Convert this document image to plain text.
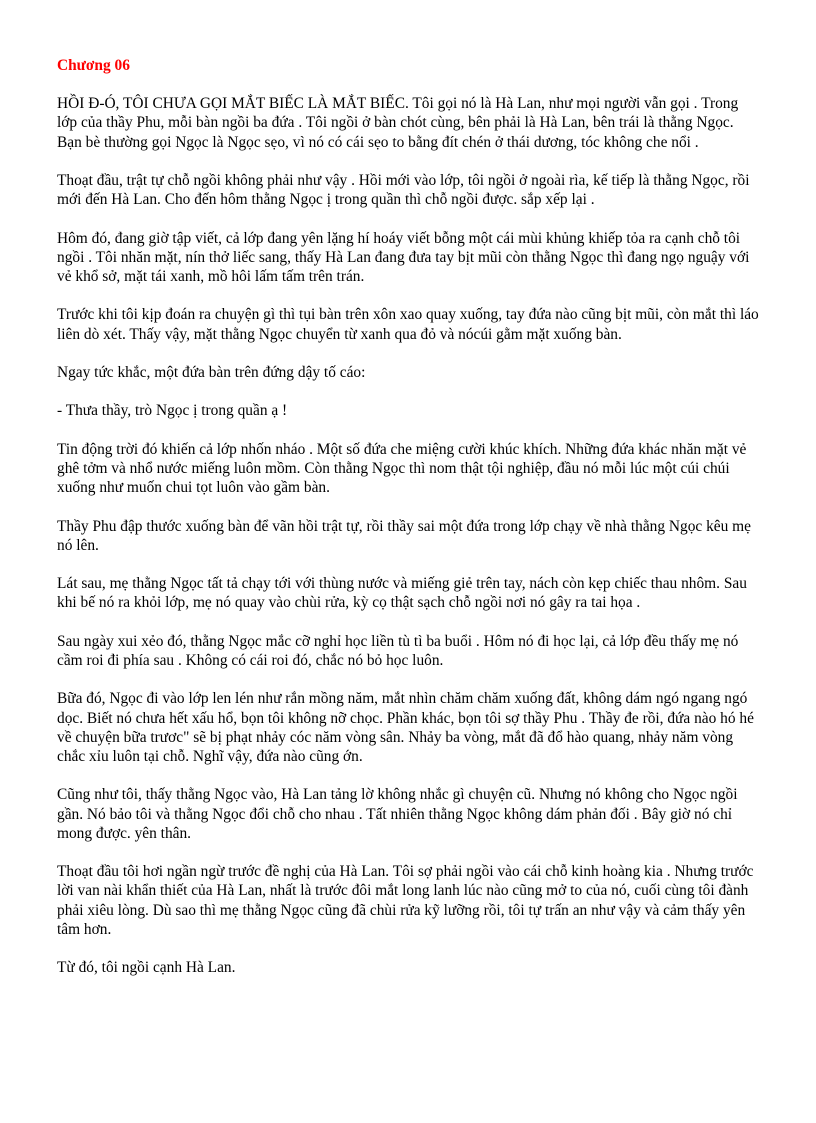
Chương 06

HỒI Đ-Ó, TÔI CHƯA GỌI MẮT BIẾC LÀ MẮT BIẾC. Tôi gọi nó là Hà Lan, như mọi người vẫn gọi . Trong lớp của thầy Phu, mỗi bàn ngồi ba đứa . Tôi ngồi ở bàn chót cùng, bên phải là Hà Lan, bên trái là thằng Ngọc. Bạn bè thường gọi Ngọc là Ngọc sẹo, vì nó có cái sẹo to bằng đít chén ở thái dương, tóc không che nổi .

Thoạt đầu, trật tự chỗ ngồi không phải như vậy . Hồi mới vào lớp, tôi ngồi ở ngoài rìa, kế tiếp là thằng Ngọc, rồi mới đến Hà Lan. Cho đến hôm thằng Ngọc ị trong quần thì chỗ ngồi được. sắp xếp lại .

Hôm đó, đang giờ tập viết, cả lớp đang yên lặng hí hoáy viết bỗng một cái mùi khủng khiếp tỏa ra cạnh chỗ tôi ngồi . Tôi nhăn mặt, nín thở liếc sang, thấy Hà Lan đang đưa tay bịt mũi còn thằng Ngọc thì đang ngọ nguậy với vẻ khổ sở, mặt tái xanh, mồ hôi lấm tấm trên trán.

Trước khi tôi kịp đoán ra chuyện gì thì tụi bàn trên xôn xao quay xuống, tay đứa nào cũng bịt mũi, còn mắt thì láo liên dò xét. Thấy vậy, mặt thằng Ngọc chuyển từ xanh qua đỏ và nócúi gằm mặt xuống bàn.

Ngay tức khắc, một đứa bàn trên đứng dậy tố cáo:

- Thưa thầy, trò Ngọc ị trong quần ạ !

Tin động trời đó khiến cả lớp nhốn nháo . Một số đứa che miệng cười khúc khích. Những đứa khác nhăn mặt vẻ ghê tởm và nhổ nước miếng luôn mồm. Còn thằng Ngọc thì nom thật tội nghiệp, đầu nó mỗi lúc một cúi chúi xuống như muốn chui tọt luôn vào gầm bàn.

Thầy Phu đập thước xuống bàn để vãn hồi trật tự, rồi thầy sai một đứa trong lớp chạy về nhà thằng Ngọc kêu mẹ nó lên.

Lát sau, mẹ thằng Ngọc tất tả chạy tới với thùng nước và miếng giẻ trên tay, nách còn kẹp chiếc thau nhôm. Sau khi bế nó ra khỏi lớp, mẹ nó quay vào chùi rửa, kỳ cọ thật sạch chỗ ngồi nơi nó gây ra tai họa .

Sau ngày xui xẻo đó, thằng Ngọc mắc cỡ nghỉ học liền tù tì ba buổi . Hôm nó đi học lại, cả lớp đều thấy mẹ nó cầm roi đi phía sau . Không có cái roi đó, chắc nó bỏ học luôn.

Bữa đó, Ngọc đi vào lớp len lén như rắn mồng năm, mắt nhìn chăm chăm xuống đất, không dám ngó ngang ngó dọc. Biết nó chưa hết xấu hổ, bọn tôi không nỡ chọc. Phần khác, bọn tôi sợ thầy Phu . Thầy đe rồi, đứa nào hó hé về chuyện bữa trươc" sẽ bị phạt nhảy cóc năm vòng sân. Nhảy ba vòng, mắt đã đổ hào quang, nhảy năm vòng chắc xỉu luôn tại chỗ. Nghĩ vậy, đứa nào cũng ớn.

Cũng như tôi, thấy thằng Ngọc vào, Hà Lan tảng lờ không nhắc gì chuyện cũ. Nhưng nó không cho Ngọc ngồi gần. Nó bảo tôi và thằng Ngọc đổi chỗ cho nhau . Tất nhiên thằng Ngọc không dám phản đối . Bây giờ nó chỉ mong được. yên thân.

Thoạt đầu tôi hơi ngần ngừ trước đề nghị của Hà Lan. Tôi sợ phải ngồi vào cái chỗ kinh hoàng kia . Nhưng trước lời van nài khẩn thiết của Hà Lan, nhất là trước đôi mắt long lanh lúc nào cũng mở to của nó, cuối cùng tôi đành phải xiêu lòng. Dù sao thì mẹ thằng Ngọc cũng đã chùi rửa kỹ lưỡng rồi, tôi tự trấn an như vậy và cảm thấy yên tâm hơn.

Từ đó, tôi ngồi cạnh Hà Lan.
